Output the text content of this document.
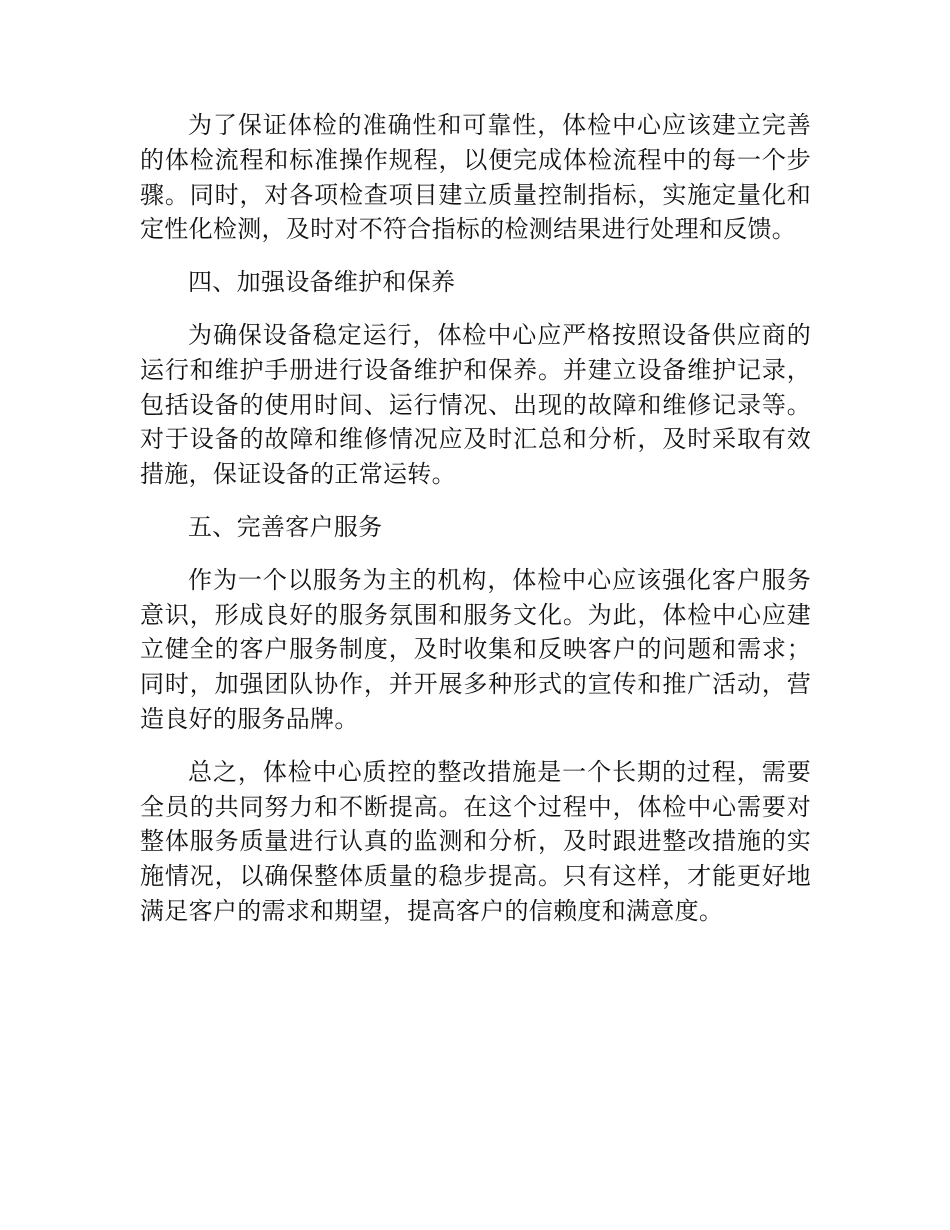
为了保证体检的准确性和可靠性，体检中心应该建立完善的体检流程和标准操作规程，以便完成体检流程中的每一个步骤。同时，对各项检查项目建立质量控制指标，实施定量化和定性化检测，及时对不符合指标的检测结果进行处理和反馈。

四、加强设备维护和保养

为确保设备稳定运行，体检中心应严格按照设备供应商的运行和维护手册进行设备维护和保养。并建立设备维护记录，包括设备的使用时间、运行情况、出现的故障和维修记录等。对于设备的故障和维修情况应及时汇总和分析，及时采取有效措施，保证设备的正常运转。

五、完善客户服务

作为一个以服务为主的机构，体检中心应该强化客户服务意识，形成良好的服务氛围和服务文化。为此，体检中心应建立健全的客户服务制度，及时收集和反映客户的问题和需求；同时，加强团队协作，并开展多种形式的宣传和推广活动，营造良好的服务品牌。

总之，体检中心质控的整改措施是一个长期的过程，需要全员的共同努力和不断提高。在这个过程中，体检中心需要对整体服务质量进行认真的监测和分析，及时跟进整改措施的实施情况，以确保整体质量的稳步提高。只有这样，才能更好地满足客户的需求和期望，提高客户的信赖度和满意度。
